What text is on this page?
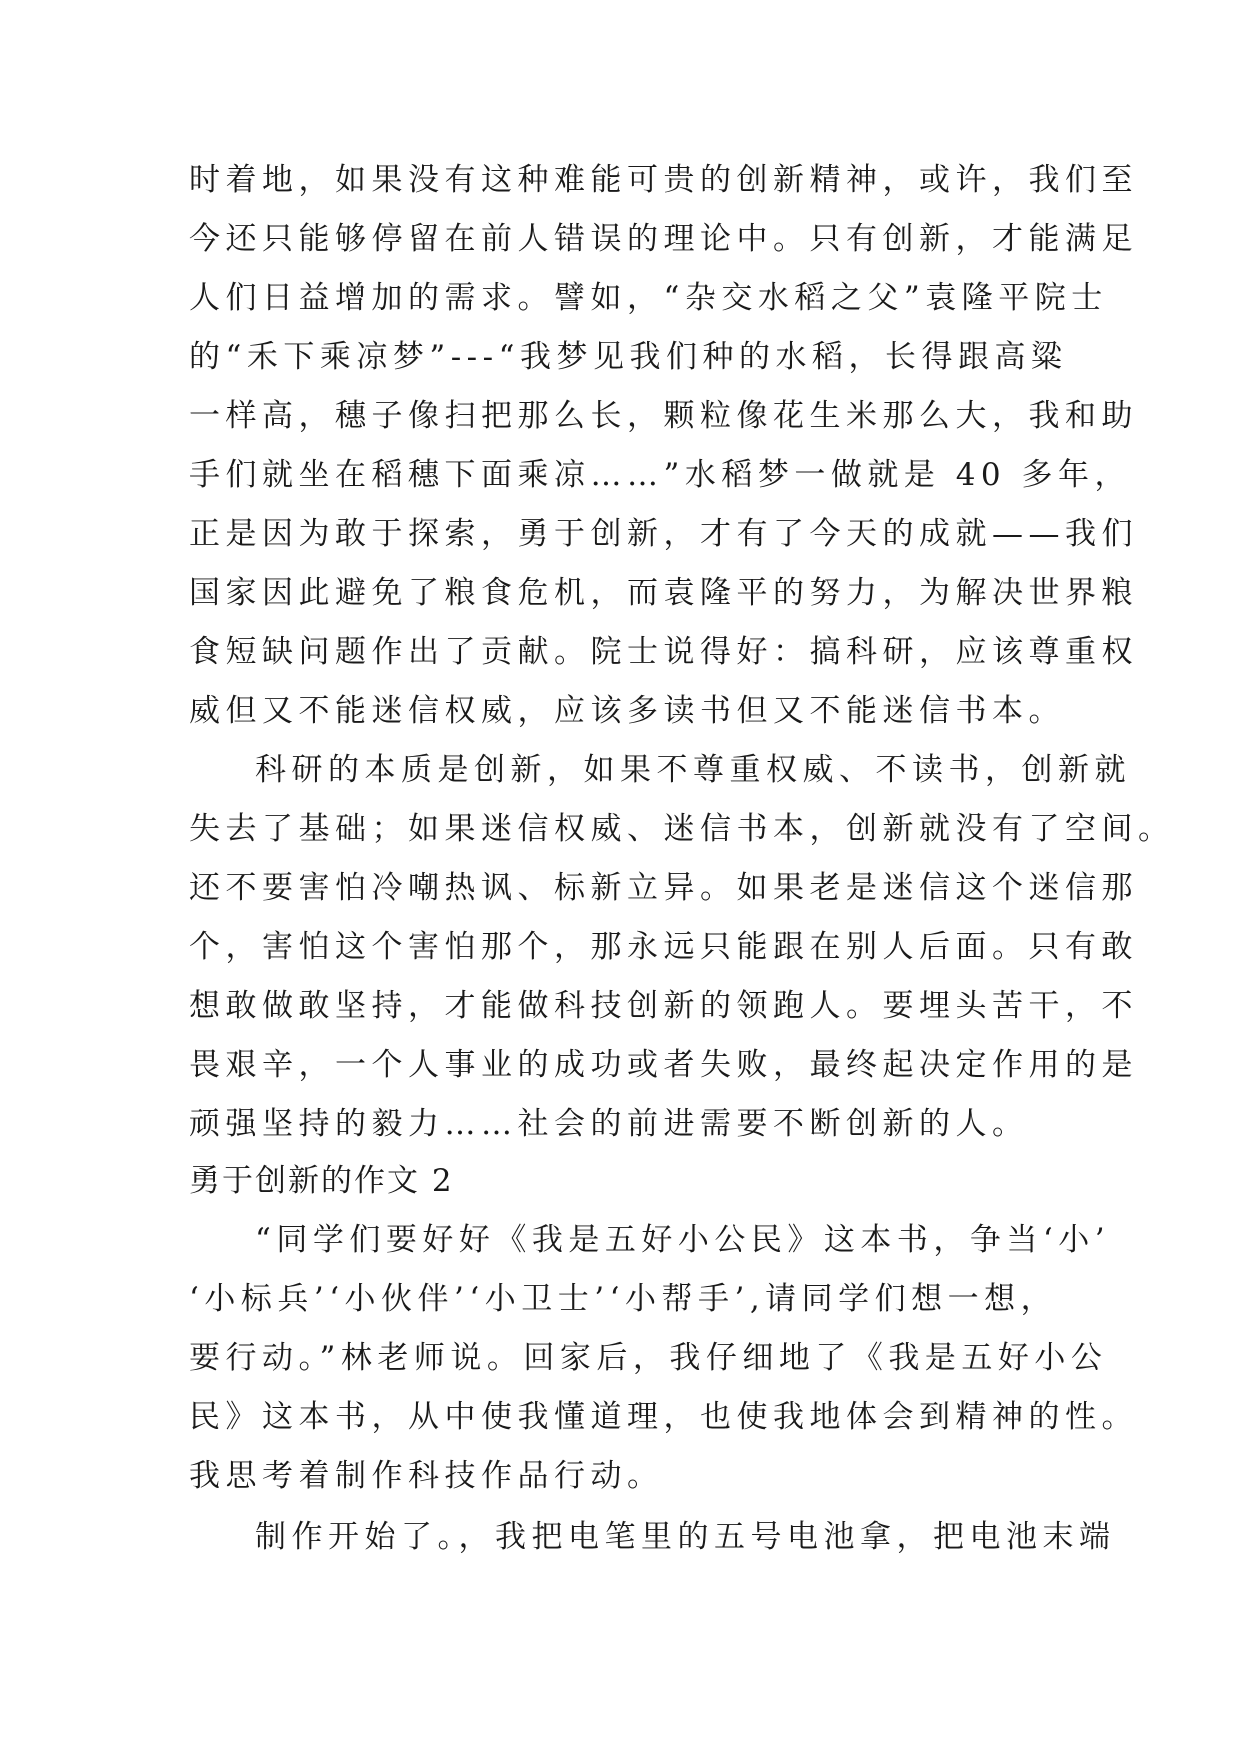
时着地，如果没有这种难能可贵的创新精神，或许，我们至
今还只能够停留在前人错误的理论中。只有创新，才能满足
人们日益增加的需求。譬如，“杂交水稻之父”袁隆平院士
的“禾下乘凉梦”---“我梦见我们种的水稻，长得跟高粱
一样高，穗子像扫把那么长，颗粒像花生米那么大，我和助
手们就坐在稻穗下面乘凉……”水稻梦一做就是 40 多年，
正是因为敢于探索，勇于创新，才有了今天的成就——我们
国家因此避免了粮食危机，而袁隆平的努力，为解决世界粮
食短缺问题作出了贡献。院士说得好：搞科研，应该尊重权
威但又不能迷信权威，应该多读书但又不能迷信书本。
科研的本质是创新，如果不尊重权威、不读书，创新就
失去了基础；如果迷信权威、迷信书本，创新就没有了空间。
还不要害怕冷嘲热讽、标新立异。如果老是迷信这个迷信那
个，害怕这个害怕那个，那永远只能跟在别人后面。只有敢
想敢做敢坚持，才能做科技创新的领跑人。要埋头苦干，不
畏艰辛，一个人事业的成功或者失败，最终起决定作用的是
顽强坚持的毅力……社会的前进需要不断创新的人。
勇于创新的作文 2
“同学们要好好《我是五好小公民》这本书，争当‘小’
‘小标兵’‘小伙伴’‘小卫士’‘小帮手’,请同学们想一想，
要行动。”林老师说。回家后，我仔细地了《我是五好小公
民》这本书，从中使我懂道理，也使我地体会到精神的性。
我思考着制作科技作品行动。
制作开始了。，我把电笔里的五号电池拿，把电池末端
